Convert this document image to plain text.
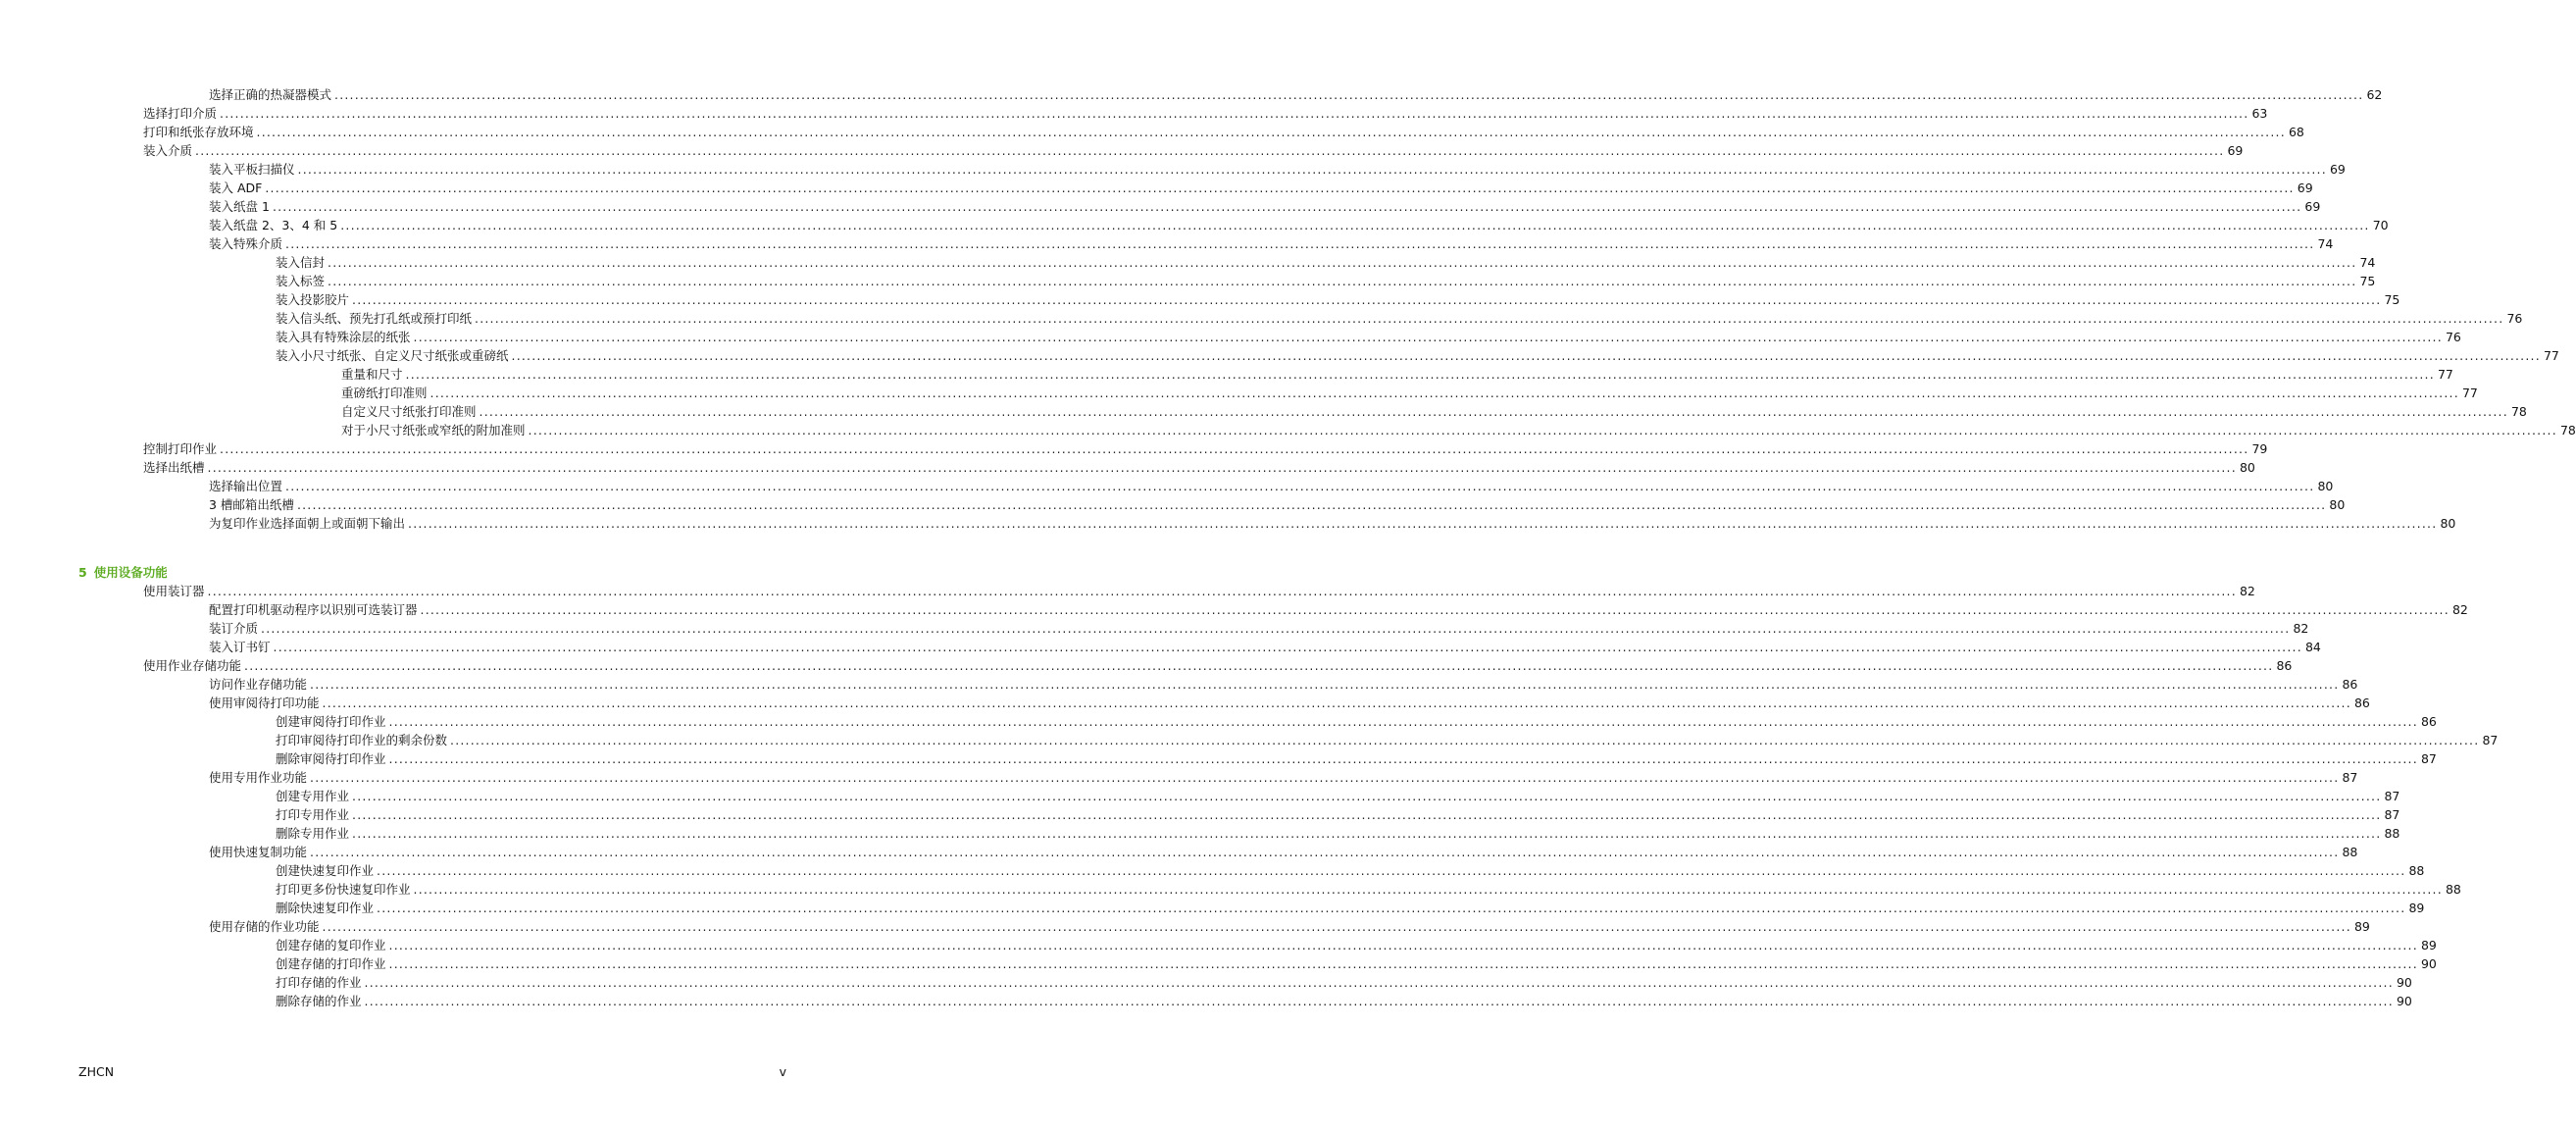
选择正确的热凝器模式 ................................................................................................................................................................................................................................................................................................................................................................................................................ 62
选择打印介质 ................................................................................................................................................................................................................................................................................................................................................................................................................ 63
打印和纸张存放环境 ................................................................................................................................................................................................................................................................................................................................................................................................................ 68
装入介质 ................................................................................................................................................................................................................................................................................................................................................................................................................ 69
装入平板扫描仪 ................................................................................................................................................................................................................................................................................................................................................................................................................ 69
装入 ADF ................................................................................................................................................................................................................................................................................................................................................................................................................ 69
装入纸盘 1 ................................................................................................................................................................................................................................................................................................................................................................................................................ 69
装入纸盘 2、3、4 和 5 ................................................................................................................................................................................................................................................................................................................................................................................................................ 70
装入特殊介质 ................................................................................................................................................................................................................................................................................................................................................................................................................ 74
装入信封 ................................................................................................................................................................................................................................................................................................................................................................................................................ 74
装入标签 ................................................................................................................................................................................................................................................................................................................................................................................................................ 75
装入投影胶片 ................................................................................................................................................................................................................................................................................................................................................................................................................ 75
装入信头纸、预先打孔纸或预打印纸 ................................................................................................................................................................................................................................................................................................................................................................................................................ 76
装入具有特殊涂层的纸张 ................................................................................................................................................................................................................................................................................................................................................................................................................ 76
装入小尺寸纸张、自定义尺寸纸张或重磅纸 ................................................................................................................................................................................................................................................................................................................................................................................................................ 77
重量和尺寸 ................................................................................................................................................................................................................................................................................................................................................................................................................ 77
重磅纸打印准则 ................................................................................................................................................................................................................................................................................................................................................................................................................ 77
自定义尺寸纸张打印准则 ................................................................................................................................................................................................................................................................................................................................................................................................................ 78
对于小尺寸纸张或窄纸的附加准则 ................................................................................................................................................................................................................................................................................................................................................................................................................ 78
控制打印作业 ................................................................................................................................................................................................................................................................................................................................................................................................................ 79
选择出纸槽 ................................................................................................................................................................................................................................................................................................................................................................................................................ 80
选择输出位置 ................................................................................................................................................................................................................................................................................................................................................................................................................ 80
3 槽邮箱出纸槽 ................................................................................................................................................................................................................................................................................................................................................................................................................ 80
为复印作业选择面朝上或面朝下输出 ................................................................................................................................................................................................................................................................................................................................................................................................................ 80
5 使用设备功能
使用装订器 ................................................................................................................................................................................................................................................................................................................................................................................................................ 82
配置打印机驱动程序以识别可选装订器 ................................................................................................................................................................................................................................................................................................................................................................................................................ 82
装订介质 ................................................................................................................................................................................................................................................................................................................................................................................................................ 82
装入订书钉 ................................................................................................................................................................................................................................................................................................................................................................................................................ 84
使用作业存储功能 ................................................................................................................................................................................................................................................................................................................................................................................................................ 86
访问作业存储功能 ................................................................................................................................................................................................................................................................................................................................................................................................................ 86
使用审阅待打印功能 ................................................................................................................................................................................................................................................................................................................................................................................................................ 86
创建审阅待打印作业 ................................................................................................................................................................................................................................................................................................................................................................................................................ 86
打印审阅待打印作业的剩余份数 ................................................................................................................................................................................................................................................................................................................................................................................................................ 87
删除审阅待打印作业 ................................................................................................................................................................................................................................................................................................................................................................................................................ 87
使用专用作业功能 ................................................................................................................................................................................................................................................................................................................................................................................................................ 87
创建专用作业 ................................................................................................................................................................................................................................................................................................................................................................................................................ 87
打印专用作业 ................................................................................................................................................................................................................................................................................................................................................................................................................ 87
删除专用作业 ................................................................................................................................................................................................................................................................................................................................................................................................................ 88
使用快速复制功能 ................................................................................................................................................................................................................................................................................................................................................................................................................ 88
创建快速复印作业 ................................................................................................................................................................................................................................................................................................................................................................................................................ 88
打印更多份快速复印作业 ................................................................................................................................................................................................................................................................................................................................................................................................................ 88
删除快速复印作业 ................................................................................................................................................................................................................................................................................................................................................................................................................ 89
使用存储的作业功能 ................................................................................................................................................................................................................................................................................................................................................................................................................ 89
创建存储的复印作业 ................................................................................................................................................................................................................................................................................................................................................................................................................ 89
创建存储的打印作业 ................................................................................................................................................................................................................................................................................................................................................................................................................ 90
打印存储的作业 ................................................................................................................................................................................................................................................................................................................................................................................................................ 90
删除存储的作业 ................................................................................................................................................................................................................................................................................................................................................................................................................ 90
ZHCN	v
